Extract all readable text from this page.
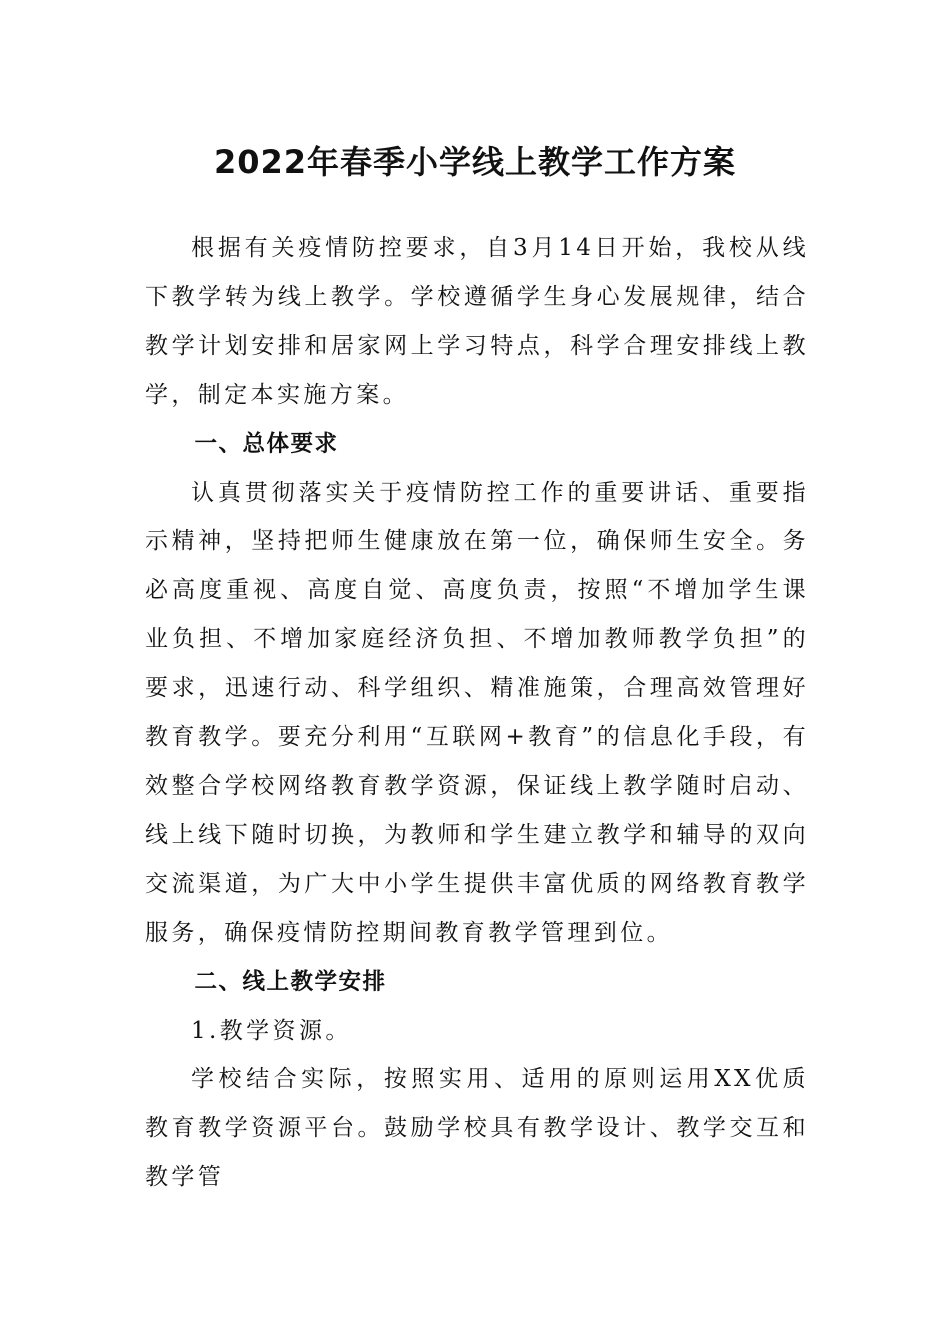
2022年春季小学线上教学工作方案

根据有关疫情防控要求，自3月14日开始，我校从线下教学转为线上教学。学校遵循学生身心发展规律，结合教学计划安排和居家网上学习特点，科学合理安排线上教学，制定本实施方案。

一、总体要求

认真贯彻落实关于疫情防控工作的重要讲话、重要指示精神，坚持把师生健康放在第一位，确保师生安全。务必高度重视、高度自觉、高度负责，按照“不增加学生课业负担、不增加家庭经济负担、不增加教师教学负担”的要求，迅速行动、科学组织、精准施策，合理高效管理好教育教学。要充分利用“互联网+教育”的信息化手段，有效整合学校网络教育教学资源，保证线上教学随时启动、线上线下随时切换，为教师和学生建立教学和辅导的双向交流渠道，为广大中小学生提供丰富优质的网络教育教学服务，确保疫情防控期间教育教学管理到位。

二、线上教学安排

1.教学资源。

学校结合实际，按照实用、适用的原则运用XX优质教育教学资源平台。鼓励学校具有教学设计、教学交互和教学管
